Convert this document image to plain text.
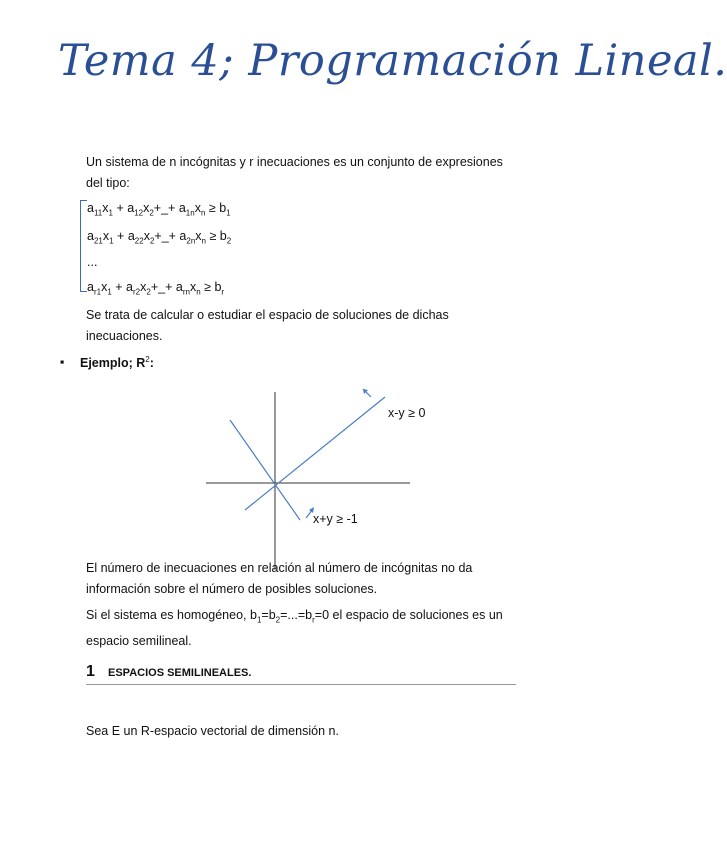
Tema 4; Programación Lineal.
Un sistema de n incógnitas y r inecuaciones es un conjunto de expresiones del tipo:
$a_{11}x_1$ + $a_{12}x_2+\_+ a_{1n}x_n \ge b_1$
$a_{21}x_1$ + $a_{22}x_2+\_+ a_{2n}x_n \ge b_2$
...
$a_{r1}x_1$ + $a_{r2}x_2+\_+ a_{rn}x_n \ge b_r$
Se trata de calcular o estudiar el espacio de soluciones de dichas inecuaciones.
▪ Ejemplo; $R^2$:
x-y ≥ 0
x+y ≥ -1
El número de inecuaciones en relación al número de incógnitas no da información sobre el número de posibles soluciones.
Si el sistema es homogéneo, $b_1=b_2=...=b_r=0$ el espacio de soluciones es un espacio semilineal.
1 ESPACIOS SEMILINEALES.
Sea E un R-espacio vectorial de dimensión n.
